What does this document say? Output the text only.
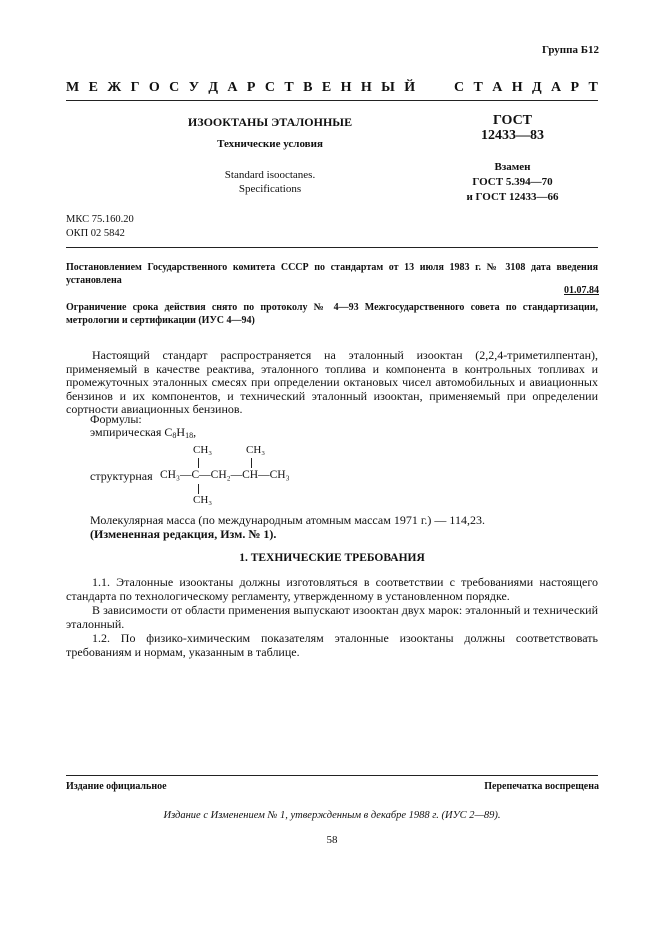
Группа Б12
М Е Ж Г О С У Д А Р С Т В Е Н Н Ы Й	С Т А Н Д А Р Т
ИЗООКТАНЫ ЭТАЛОННЫЕ
Технические условия
Standard isooctanes.
Specifications
ГОСТ
12433—83
Взамен
ГОСТ 5.394—70
и ГОСТ 12433—66
МКС 75.160.20
ОКП 02 5842
Постановлением Государственного комитета СССР по стандартам от 13 июля 1983 г. № 3108 дата введения установлена
01.07.84
Ограничение срока действия снято по протоколу № 4—93 Межгосударственного совета по стандартизации, метрологии и сертификации (ИУС 4—94)
Настоящий стандарт распространяется на эталонный изооктан (2,2,4-триметилпентан), применяемый в качестве реактива, эталонного топлива и компонента в контрольных топливах и промежуточных эталонных смесях при определении октановых чисел автомобильных и авиационных бензинов и их компонентов, и технический эталонный изооктан, применяемый при определении сортности авиационных бензинов.
Формулы:
эмпирическая $C_8H_{18}$,
CH₃	CH₃
структурная CH₃—C—CH₂—CH—CH₃
CH₃
Молекулярная масса (по международным атомным массам 1971 г.) — 114,23.
(Измененная редакция, Изм. № 1).
1. ТЕХНИЧЕСКИЕ ТРЕБОВАНИЯ
1.1. Эталонные изооктаны должны изготовляться в соответствии с требованиями настоящего стандарта по технологическому регламенту, утвержденному в установленном порядке.
В зависимости от области применения выпускают изооктан двух марок: эталонный и технический эталонный.
1.2. По физико-химическим показателям эталонные изооктаны должны соответствовать требованиям и нормам, указанным в таблице.
Издание официальное	Перепечатка воспрещена
Издание с Изменением № 1, утвержденным в декабре 1988 г. (ИУС 2—89).
58
